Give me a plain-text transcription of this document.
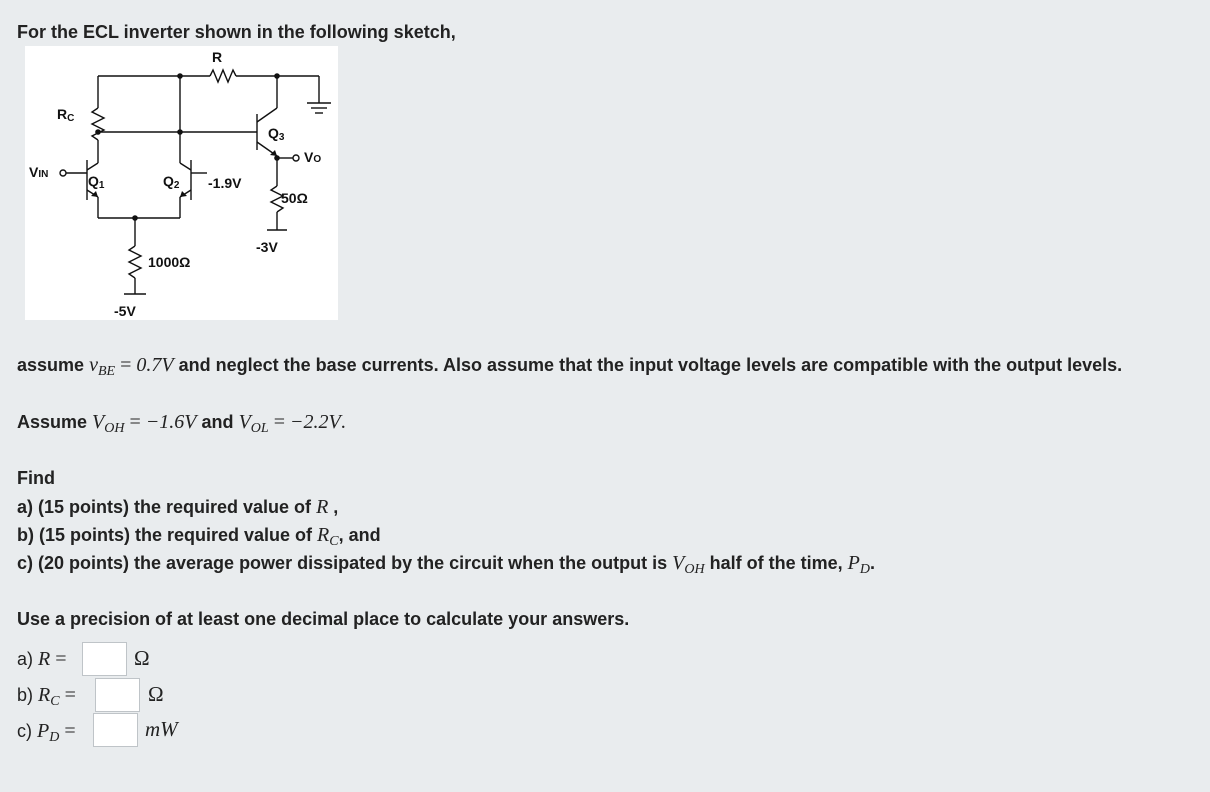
For the ECL inverter shown in the following sketch,
R
RC
VIN	Q1	Q2
Q3
VO
-1.9V
50Ω
1000Ω
-3V
-5V
assume $v_{BE} = 0.7V$ and neglect the base currents. Also assume that the input voltage levels are compatible with the output levels.
Assume $V_{OH} = -1.6V$ and $V_{OL} = -2.2V$.
Find
a) (15 points) the required value of R ,
b) (15 points) the required value of $R_C$, and
c) (20 points) the average power dissipated by the circuit when the output is $V_{OH}$ half of the time, $P_D$.
Use a precision of at least one decimal place to calculate your answers.
a) R =	Ω
b) $R_C$ =	Ω
c) $P_D$ =	mW
